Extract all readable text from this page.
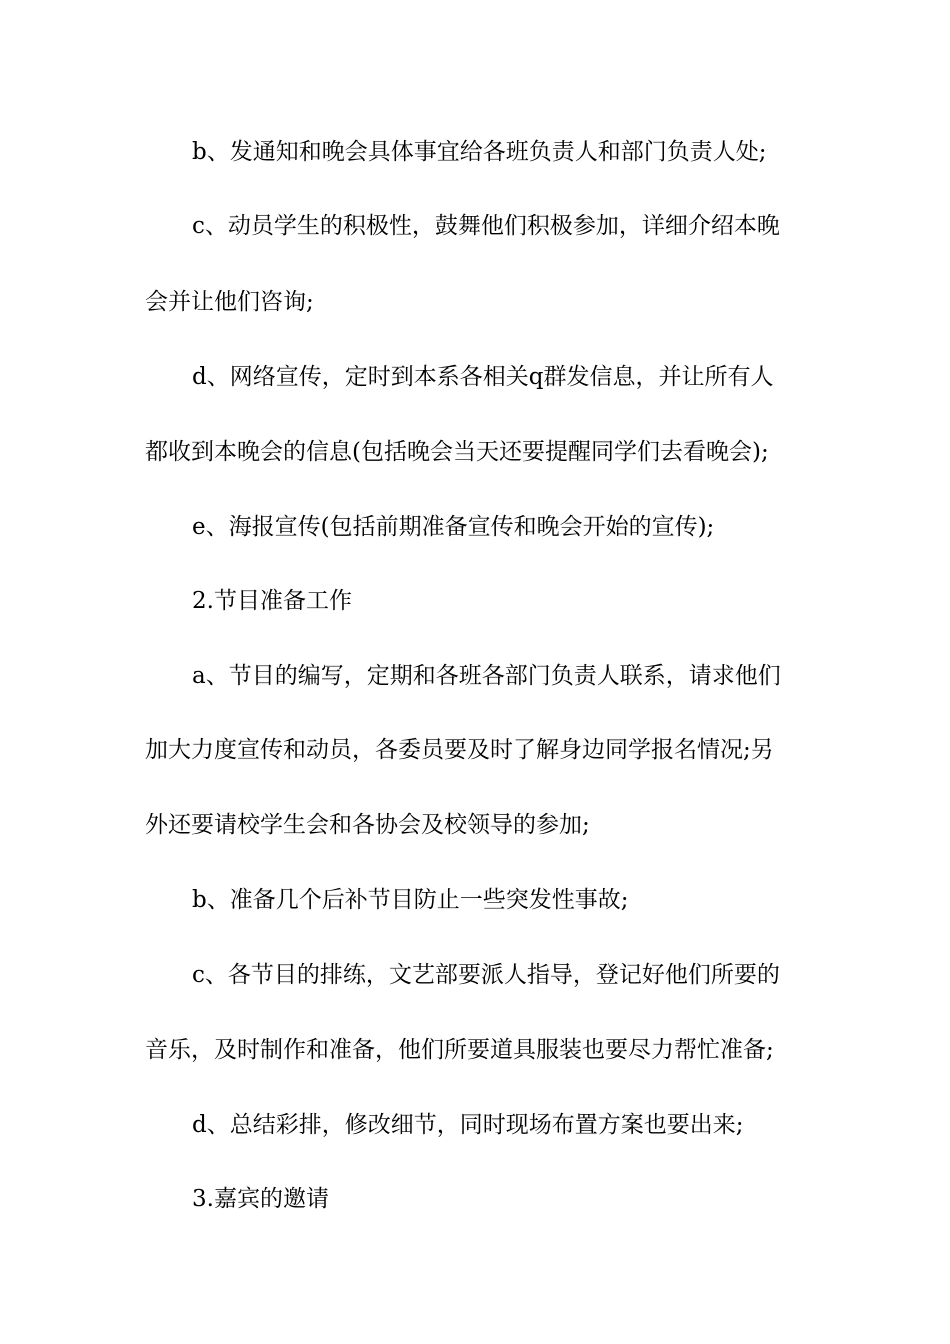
b、发通知和晚会具体事宜给各班负责人和部门负责人处;
c、动员学生的积极性，鼓舞他们积极参加，详细介绍本晚
会并让他们咨询;
d、网络宣传，定时到本系各相关q群发信息，并让所有人
都收到本晚会的信息(包括晚会当天还要提醒同学们去看晚会);
e、海报宣传(包括前期准备宣传和晚会开始的宣传);
2.节目准备工作
a、节目的编写，定期和各班各部门负责人联系，请求他们
加大力度宣传和动员，各委员要及时了解身边同学报名情况;另
外还要请校学生会和各协会及校领导的参加;
b、准备几个后补节目防止一些突发性事故;
c、各节目的排练，文艺部要派人指导，登记好他们所要的
音乐，及时制作和准备，他们所要道具服装也要尽力帮忙准备;
d、总结彩排，修改细节，同时现场布置方案也要出来;
3.嘉宾的邀请
